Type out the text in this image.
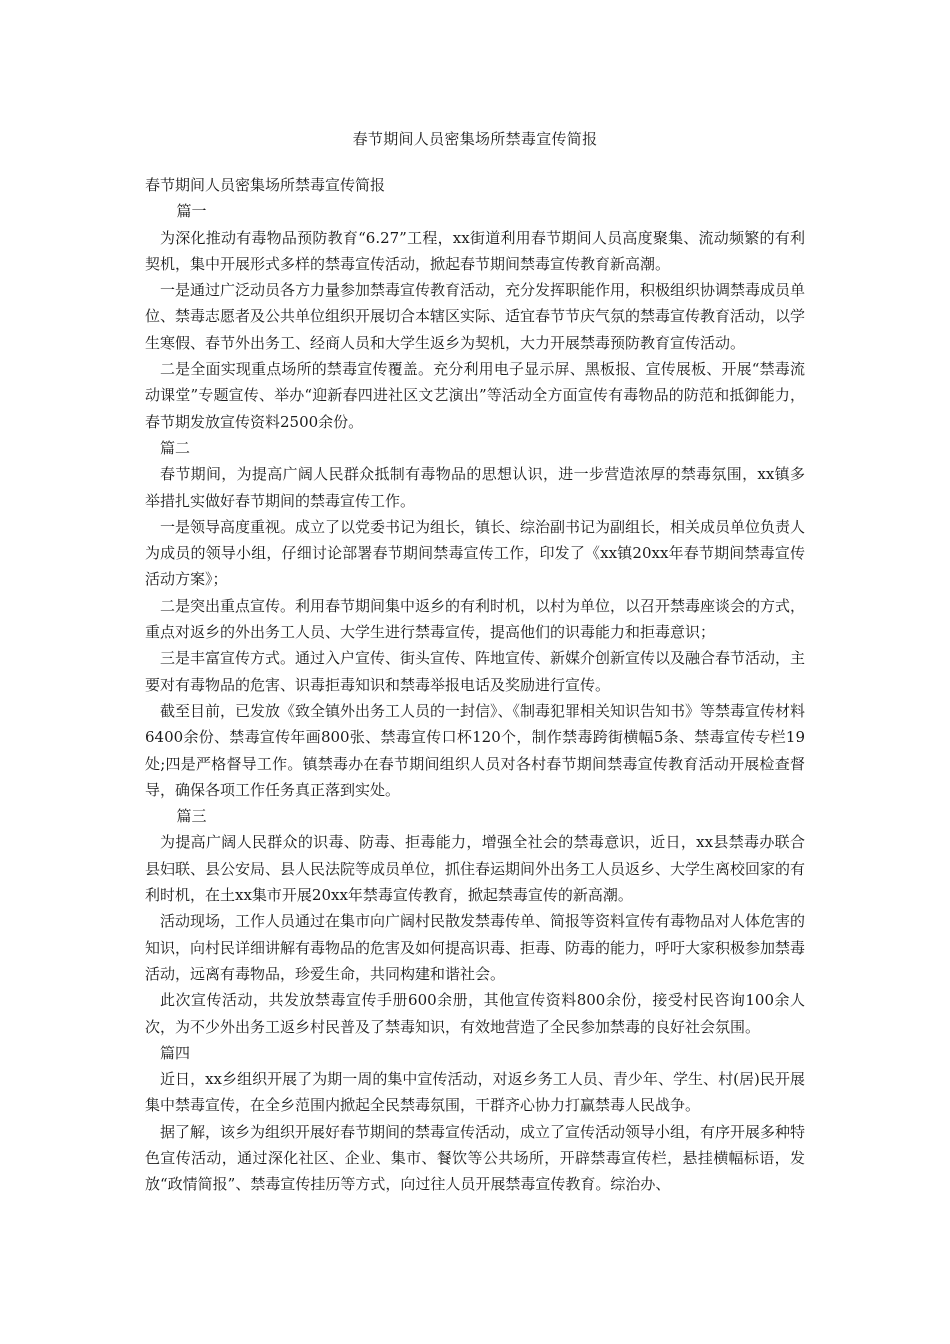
春节期间人员密集场所禁毒宣传简报

春节期间人员密集场所禁毒宣传简报

篇一

为深化推动有毒物品预防教育“6.27”工程，xx街道利用春节期间人员高度聚集、流动频繁的有利契机，集中开展形式多样的禁毒宣传活动，掀起春节期间禁毒宣传教育新高潮。

一是通过广泛动员各方力量参加禁毒宣传教育活动，充分发挥职能作用，积极组织协调禁毒成员单位、禁毒志愿者及公共单位组织开展切合本辖区实际、适宜春节节庆气氛的禁毒宣传教育活动，以学生寒假、春节外出务工、经商人员和大学生返乡为契机，大力开展禁毒预防教育宣传活动。

二是全面实现重点场所的禁毒宣传覆盖。充分利用电子显示屏、黑板报、宣传展板、开展“禁毒流动课堂”专题宣传、举办“迎新春四进社区文艺演出”等活动全方面宣传有毒物品的防范和抵御能力，春节期发放宣传资料2500余份。

篇二

春节期间，为提高广阔人民群众抵制有毒物品的思想认识，进一步营造浓厚的禁毒氛围，xx镇多举措扎实做好春节期间的禁毒宣传工作。

一是领导高度重视。成立了以党委书记为组长，镇长、综治副书记为副组长，相关成员单位负责人为成员的领导小组，仔细讨论部署春节期间禁毒宣传工作，印发了《xx镇20xx年春节期间禁毒宣传活动方案》；

二是突出重点宣传。利用春节期间集中返乡的有利时机，以村为单位，以召开禁毒座谈会的方式，重点对返乡的外出务工人员、大学生进行禁毒宣传，提高他们的识毒能力和拒毒意识；

三是丰富宣传方式。通过入户宣传、街头宣传、阵地宣传、新媒介创新宣传以及融合春节活动，主要对有毒物品的危害、识毒拒毒知识和禁毒举报电话及奖励进行宣传。

截至目前，已发放《致全镇外出务工人员的一封信》、《制毒犯罪相关知识告知书》等禁毒宣传材料6400余份、禁毒宣传年画800张、禁毒宣传口杯120个，制作禁毒跨街横幅5条、禁毒宣传专栏19处;四是严格督导工作。镇禁毒办在春节期间组织人员对各村春节期间禁毒宣传教育活动开展检查督导，确保各项工作任务真正落到实处。

篇三

为提高广阔人民群众的识毒、防毒、拒毒能力，增强全社会的禁毒意识，近日，xx县禁毒办联合县妇联、县公安局、县人民法院等成员单位，抓住春运期间外出务工人员返乡、大学生离校回家的有利时机，在土xx集市开展20xx年禁毒宣传教育，掀起禁毒宣传的新高潮。

活动现场，工作人员通过在集市向广阔村民散发禁毒传单、简报等资料宣传有毒物品对人体危害的知识，向村民详细讲解有毒物品的危害及如何提高识毒、拒毒、防毒的能力，呼吁大家积极参加禁毒活动，远离有毒物品，珍爱生命，共同构建和谐社会。

此次宣传活动，共发放禁毒宣传手册600余册，其他宣传资料800余份，接受村民咨询100余人次，为不少外出务工返乡村民普及了禁毒知识，有效地营造了全民参加禁毒的良好社会氛围。

篇四

近日，xx乡组织开展了为期一周的集中宣传活动，对返乡务工人员、青少年、学生、村(居)民开展集中禁毒宣传，在全乡范围内掀起全民禁毒氛围，干群齐心协力打赢禁毒人民战争。

据了解，该乡为组织开展好春节期间的禁毒宣传活动，成立了宣传活动领导小组，有序开展多种特色宣传活动，通过深化社区、企业、集市、餐饮等公共场所，开辟禁毒宣传栏，悬挂横幅标语，发放“政情简报”、禁毒宣传挂历等方式，向过往人员开展禁毒宣传教育。综治办、
